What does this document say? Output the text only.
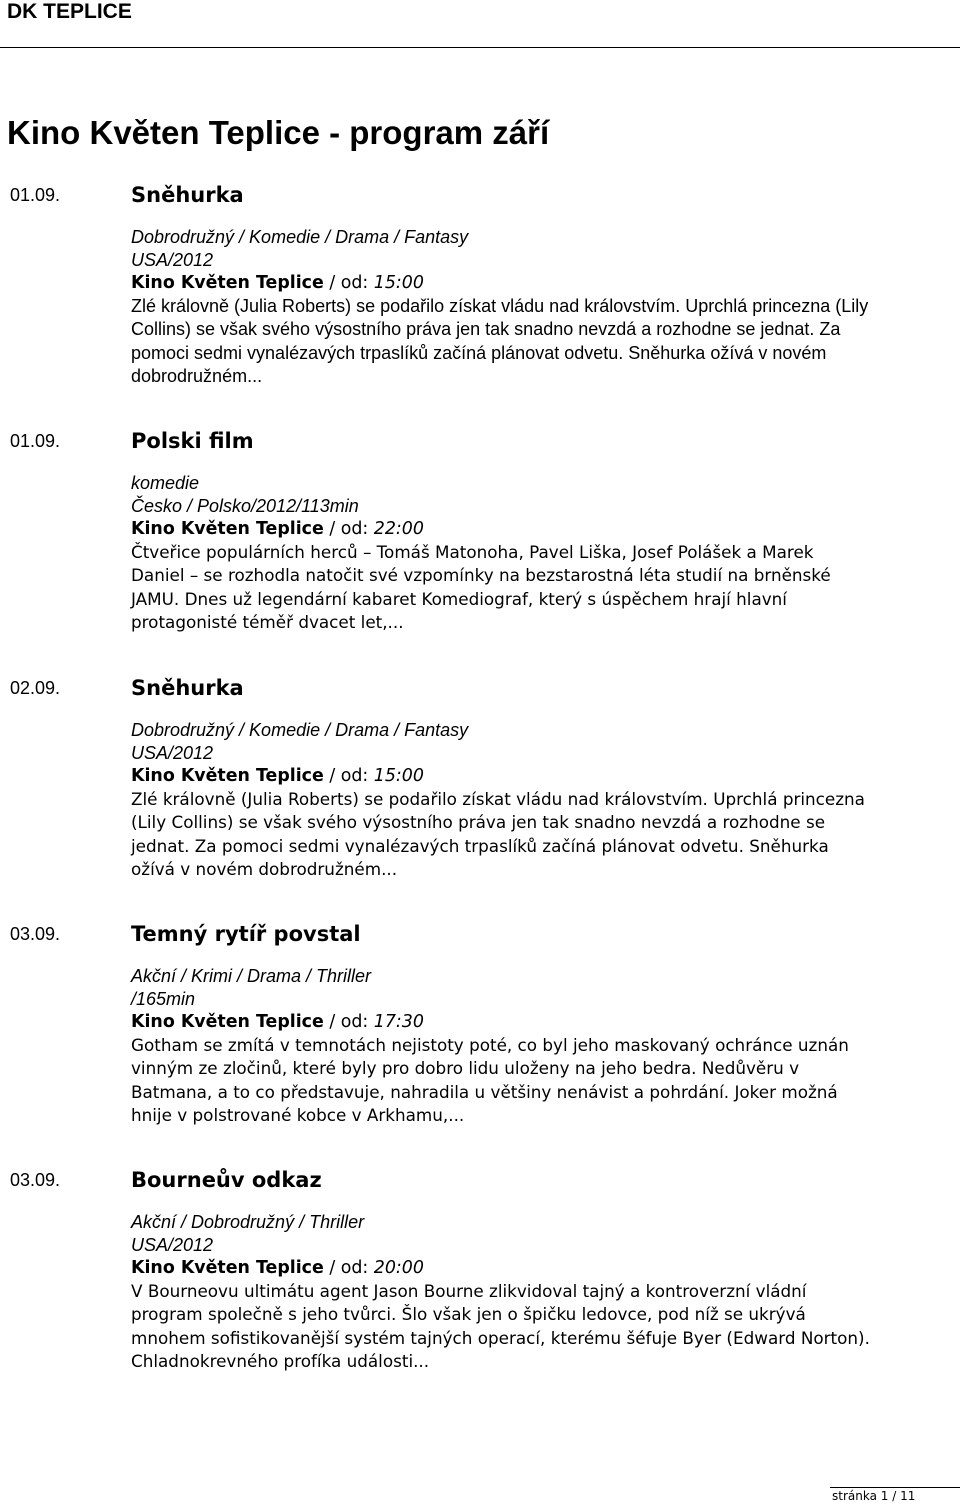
DK TEPLICE
Kino Květen Teplice - program září
01.09.	Sněhurka
Dobrodružný / Komedie / Drama / Fantasy
USA/2012
Kino Květen Teplice / od: 15:00
Zlé královně (Julia Roberts) se podařilo získat vládu nad královstvím. Uprchlá princezna (Lily Collins) se však svého výsostního práva jen tak snadno nevzdá a rozhodne se jednat. Za pomoci sedmi vynalézavých trpaslíků začíná plánovat odvetu. Sněhurka ožívá v novém dobrodružném...
01.09.	Polski film
komedie
Česko / Polsko/2012/113min
Kino Květen Teplice / od: 22:00
Čtveřice populárních herců – Tomáš Matonoha, Pavel Liška, Josef Polášek a Marek Daniel – se rozhodla natočit své vzpomínky na bezstarostná léta studií na brněnské JAMU. Dnes už legendární kabaret Komediograf, který s úspěchem hrají hlavní protagonisté téměř dvacet let,...
02.09.	Sněhurka
Dobrodružný / Komedie / Drama / Fantasy
USA/2012
Kino Květen Teplice / od: 15:00
Zlé královně (Julia Roberts) se podařilo získat vládu nad královstvím. Uprchlá princezna (Lily Collins) se však svého výsostního práva jen tak snadno nevzdá a rozhodne se jednat. Za pomoci sedmi vynalézavých trpaslíků začíná plánovat odvetu. Sněhurka ožívá v novém dobrodružném...
03.09.	Temný rytíř povstal
Akční / Krimi / Drama / Thriller
/165min
Kino Květen Teplice / od: 17:30
Gotham se zmítá v temnotách nejistoty poté, co byl jeho maskovaný ochránce uznán vinným ze zločinů, které byly pro dobro lidu uloženy na jeho bedra. Nedůvěru v Batmana, a to co představuje, nahradila u většiny nenávist a pohrdání. Joker možná hnije v polstrované kobce v Arkhamu,...
03.09.	Bourneův odkaz
Akční / Dobrodružný / Thriller
USA/2012
Kino Květen Teplice / od: 20:00
V Bourneovu ultimátu agent Jason Bourne zlikvidoval tajný a kontroverzní vládní program společně s jeho tvůrci. Šlo však jen o špičku ledovce, pod níž se ukrývá mnohem sofistikovanější systém tajných operací, kterému šéfuje Byer (Edward Norton). Chladnokrevného profíka události...
stránka 1 / 11
